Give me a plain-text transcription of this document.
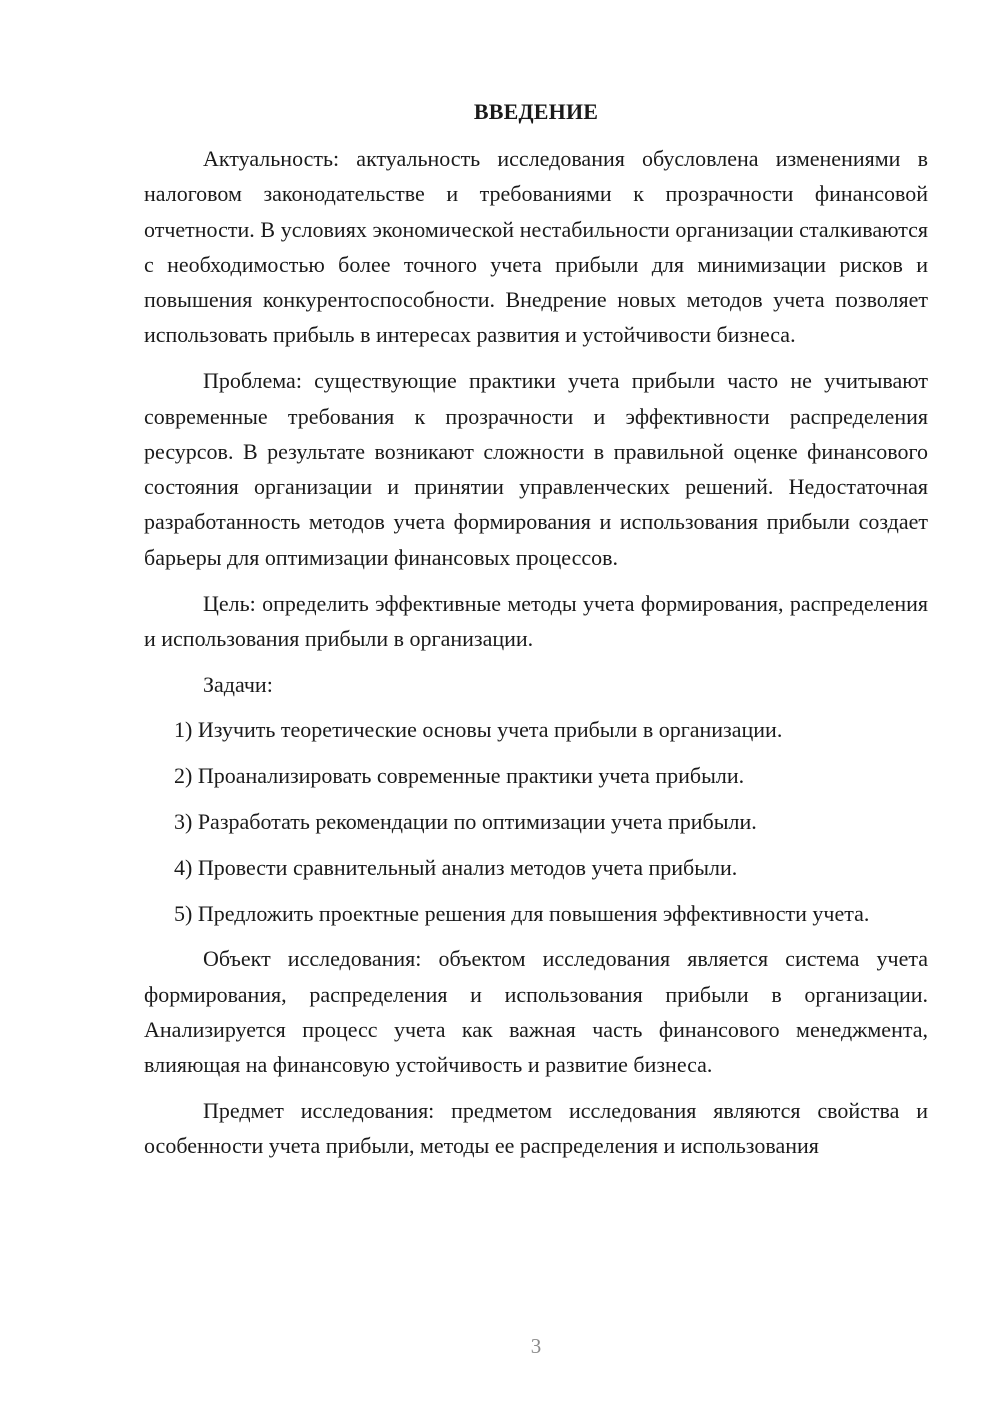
ВВЕДЕНИЕ

Актуальность: актуальность исследования обусловлена изменениями в налоговом законодательстве и требованиями к прозрачности финансовой отчетности. В условиях экономической нестабильности организации сталкиваются с необходимостью более точного учета прибыли для минимизации рисков и повышения конкурентоспособности. Внедрение новых методов учета позволяет использовать прибыль в интересах развития и устойчивости бизнеса.

Проблема: существующие практики учета прибыли часто не учитывают современные требования к прозрачности и эффективности распределения ресурсов. В результате возникают сложности в правильной оценке финансового состояния организации и принятии управленческих решений. Недостаточная разработанность методов учета формирования и использования прибыли создает барьеры для оптимизации финансовых процессов.

Цель: определить эффективные методы учета формирования, распределения и использования прибыли в организации.

Задачи:

1) Изучить теоретические основы учета прибыли в организации.

2) Проанализировать современные практики учета прибыли.

3) Разработать рекомендации по оптимизации учета прибыли.

4) Провести сравнительный анализ методов учета прибыли.

5) Предложить проектные решения для повышения эффективности учета.

Объект исследования: объектом исследования является система учета формирования, распределения и использования прибыли в организации. Анализируется процесс учета как важная часть финансового менеджмента, влияющая на финансовую устойчивость и развитие бизнеса.

Предмет исследования: предметом исследования являются свойства и особенности учета прибыли, методы ее распределения и использования

3
